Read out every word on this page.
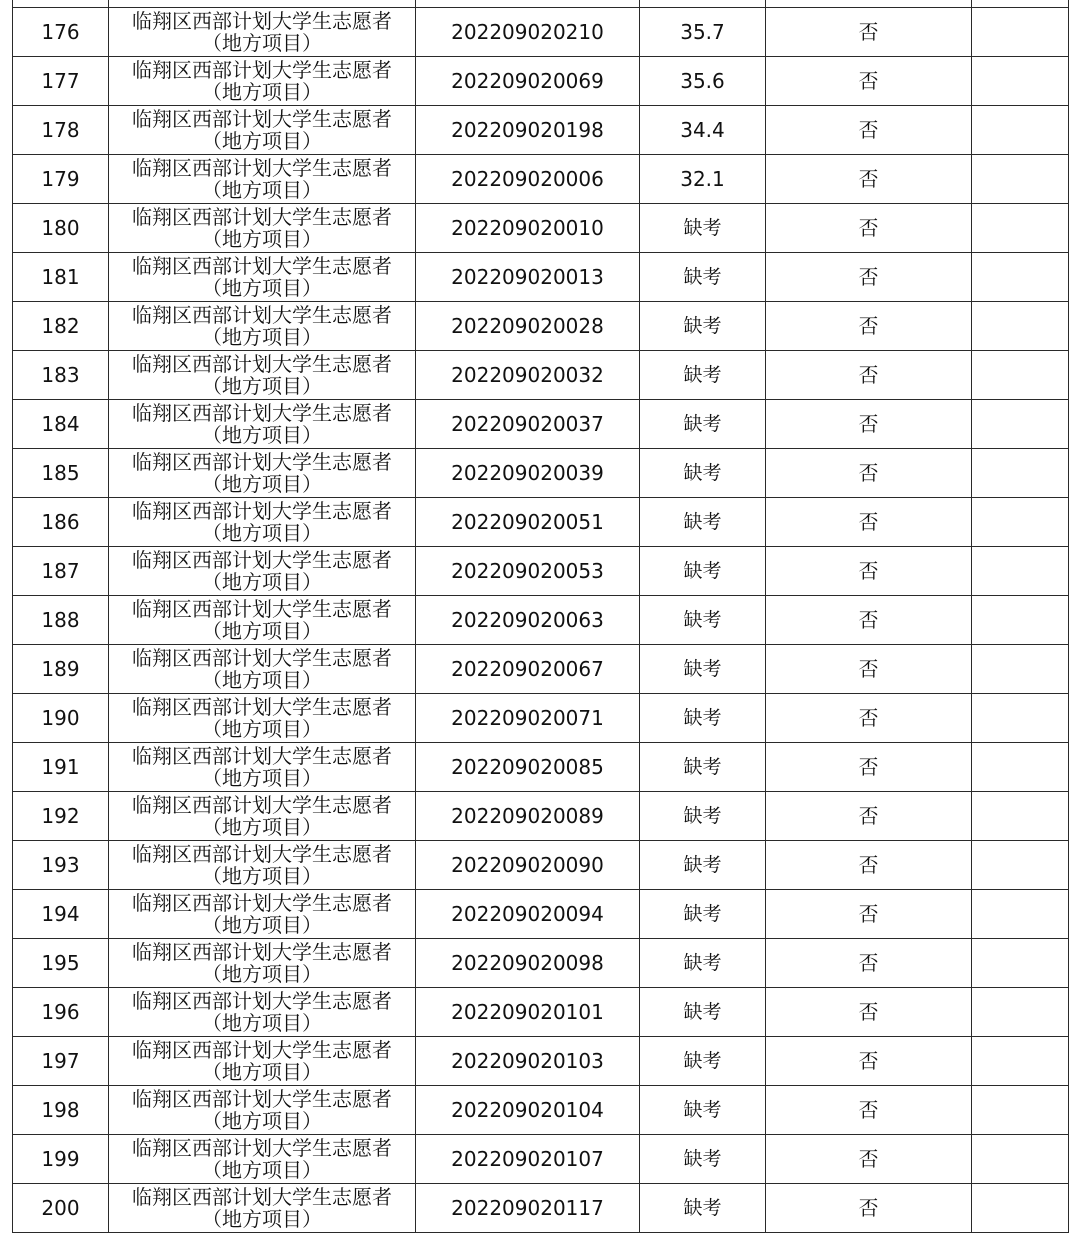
176	临翔区西部计划大学生志愿者
（地方项目）	202209020210	35.7	否	
177	临翔区西部计划大学生志愿者
（地方项目）	202209020069	35.6	否	
178	临翔区西部计划大学生志愿者
（地方项目）	202209020198	34.4	否	
179	临翔区西部计划大学生志愿者
（地方项目）	202209020006	32.1	否	
180	临翔区西部计划大学生志愿者
（地方项目）	202209020010	缺考	否	
181	临翔区西部计划大学生志愿者
（地方项目）	202209020013	缺考	否	
182	临翔区西部计划大学生志愿者
（地方项目）	202209020028	缺考	否	
183	临翔区西部计划大学生志愿者
（地方项目）	202209020032	缺考	否	
184	临翔区西部计划大学生志愿者
（地方项目）	202209020037	缺考	否	
185	临翔区西部计划大学生志愿者
（地方项目）	202209020039	缺考	否	
186	临翔区西部计划大学生志愿者
（地方项目）	202209020051	缺考	否	
187	临翔区西部计划大学生志愿者
（地方项目）	202209020053	缺考	否	
188	临翔区西部计划大学生志愿者
（地方项目）	202209020063	缺考	否	
189	临翔区西部计划大学生志愿者
（地方项目）	202209020067	缺考	否	
190	临翔区西部计划大学生志愿者
（地方项目）	202209020071	缺考	否	
191	临翔区西部计划大学生志愿者
（地方项目）	202209020085	缺考	否	
192	临翔区西部计划大学生志愿者
（地方项目）	202209020089	缺考	否	
193	临翔区西部计划大学生志愿者
（地方项目）	202209020090	缺考	否	
194	临翔区西部计划大学生志愿者
（地方项目）	202209020094	缺考	否	
195	临翔区西部计划大学生志愿者
（地方项目）	202209020098	缺考	否	
196	临翔区西部计划大学生志愿者
（地方项目）	202209020101	缺考	否	
197	临翔区西部计划大学生志愿者
（地方项目）	202209020103	缺考	否	
198	临翔区西部计划大学生志愿者
（地方项目）	202209020104	缺考	否	
199	临翔区西部计划大学生志愿者
（地方项目）	202209020107	缺考	否	
200	临翔区西部计划大学生志愿者
（地方项目）	202209020117	缺考	否	
